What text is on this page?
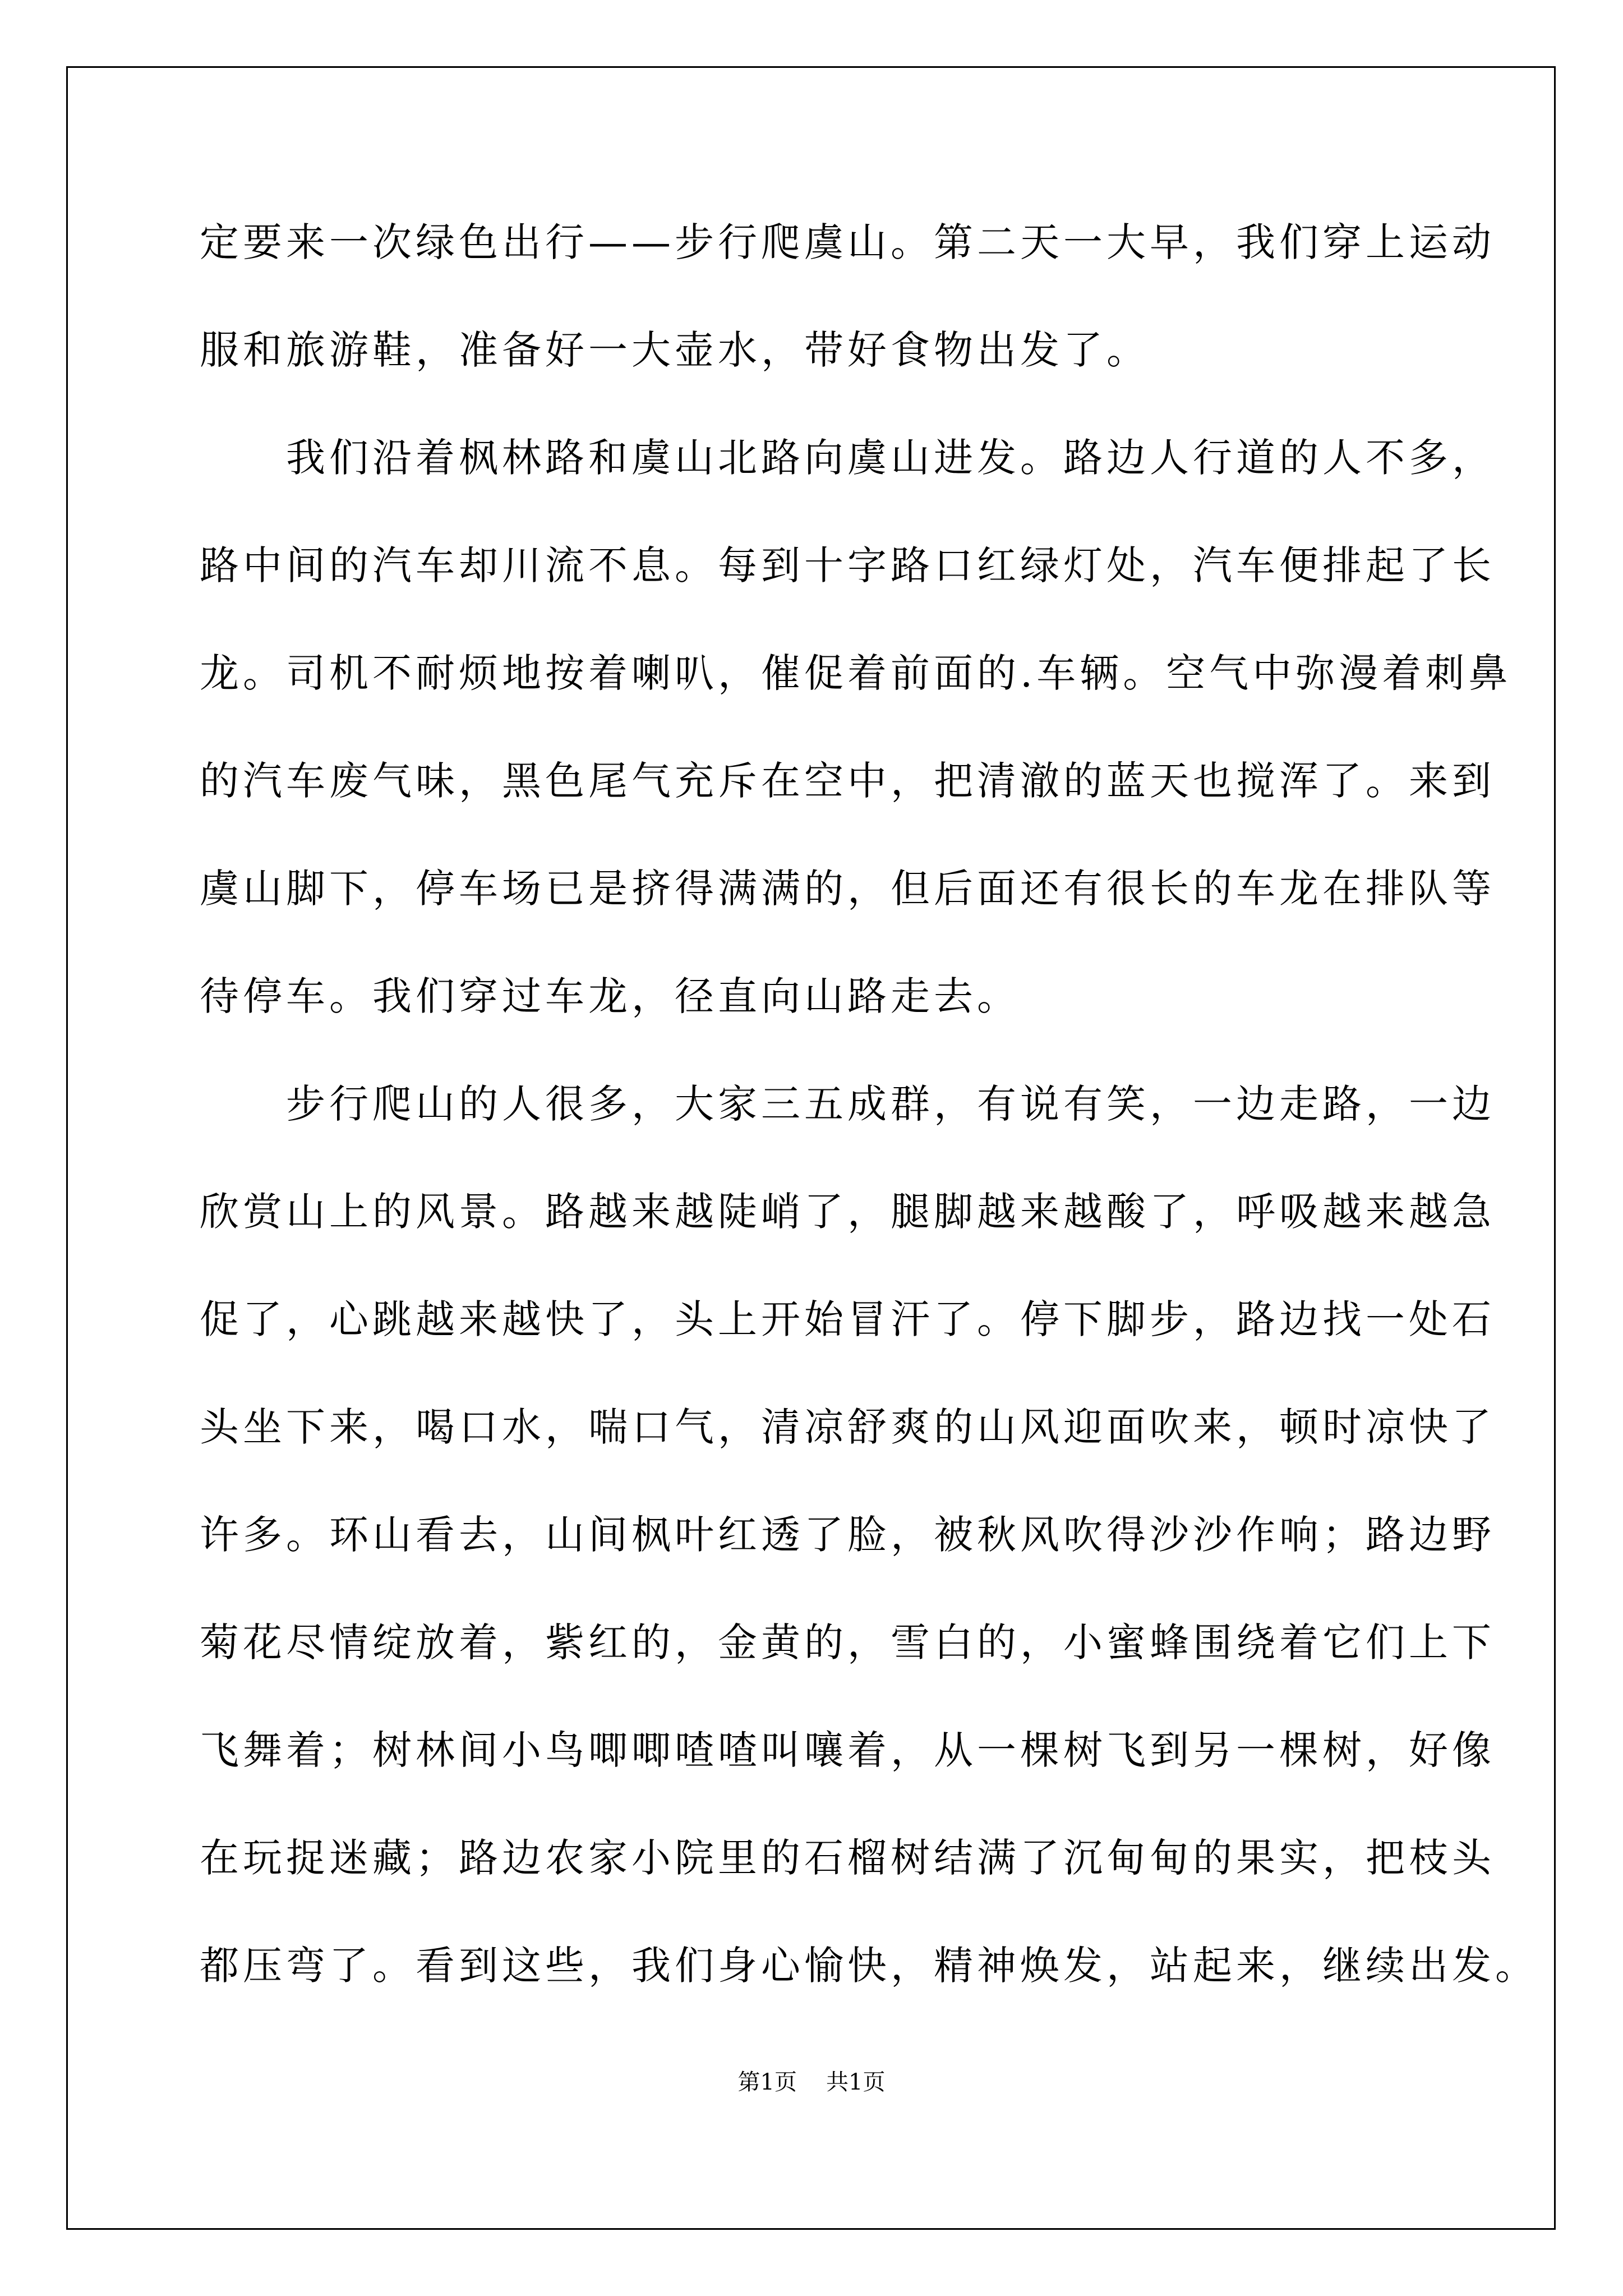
定要来一次绿色出行——步行爬虞山。第二天一大早，我们穿上运动
服和旅游鞋，准备好一大壶水，带好食物出发了。
　　我们沿着枫林路和虞山北路向虞山进发。路边人行道的人不多，
路中间的汽车却川流不息。每到十字路口红绿灯处，汽车便排起了长
龙。司机不耐烦地按着喇叭，催促着前面的.车辆。空气中弥漫着刺鼻
的汽车废气味，黑色尾气充斥在空中，把清澈的蓝天也搅浑了。来到
虞山脚下，停车场已是挤得满满的，但后面还有很长的车龙在排队等
待停车。我们穿过车龙，径直向山路走去。
　　步行爬山的人很多，大家三五成群，有说有笑，一边走路，一边
欣赏山上的风景。路越来越陡峭了，腿脚越来越酸了，呼吸越来越急
促了，心跳越来越快了，头上开始冒汗了。停下脚步，路边找一处石
头坐下来，喝口水，喘口气，清凉舒爽的山风迎面吹来，顿时凉快了
许多。环山看去，山间枫叶红透了脸，被秋风吹得沙沙作响；路边野
菊花尽情绽放着，紫红的，金黄的，雪白的，小蜜蜂围绕着它们上下
飞舞着；树林间小鸟唧唧喳喳叫嚷着，从一棵树飞到另一棵树，好像
在玩捉迷藏；路边农家小院里的石榴树结满了沉甸甸的果实，把枝头
都压弯了。看到这些，我们身心愉快，精神焕发，站起来，继续出发。
第1页 共1页
